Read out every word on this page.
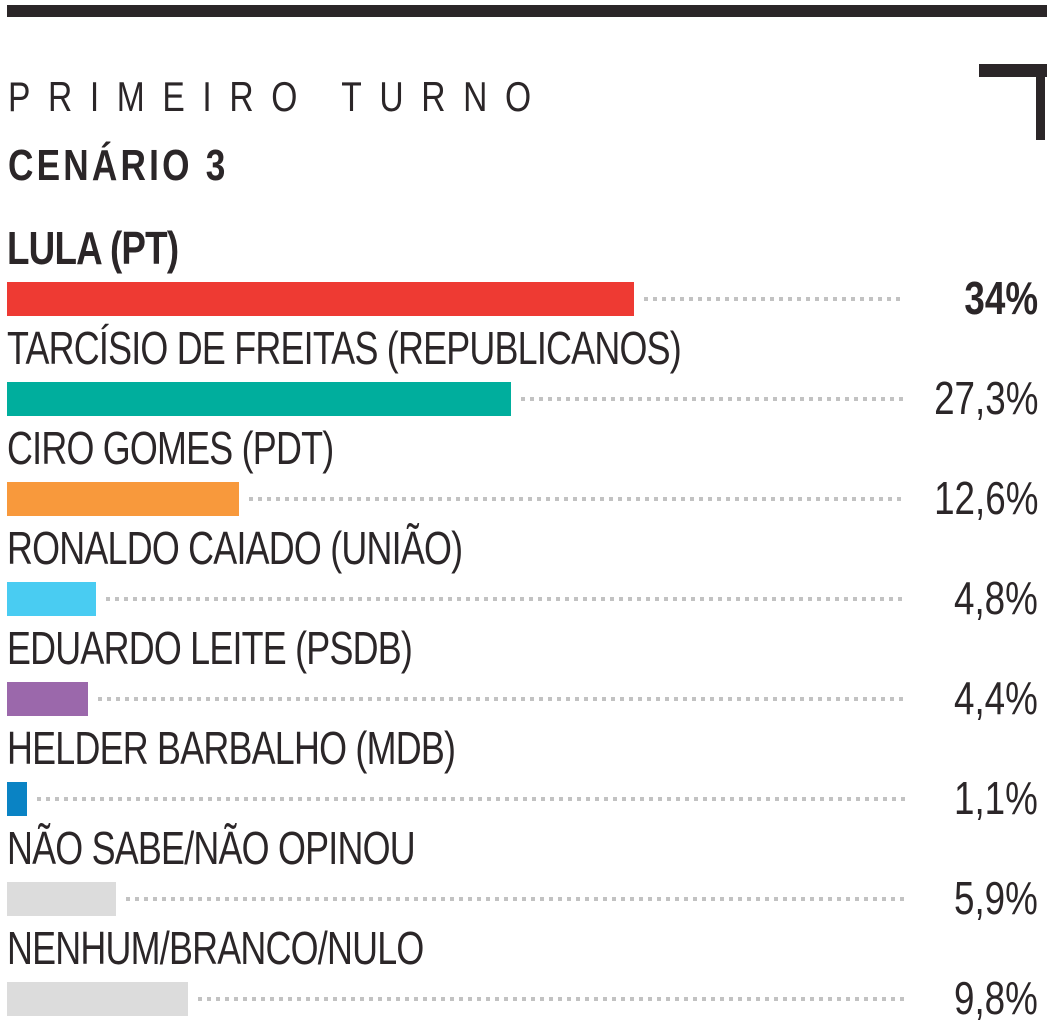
PRIMEIRO TURNO
CENÁRIO 3
LULA (PT)
34%
TARCÍSIO DE FREITAS (REPUBLICANOS)
27,3%
CIRO GOMES (PDT)
12,6%
RONALDO CAIADO (UNIÃO)
4,8%
EDUARDO LEITE (PSDB)
4,4%
HELDER BARBALHO (MDB)
1,1%
NÃO SABE/NÃO OPINOU
5,9%
NENHUM/BRANCO/NULO
9,8%
